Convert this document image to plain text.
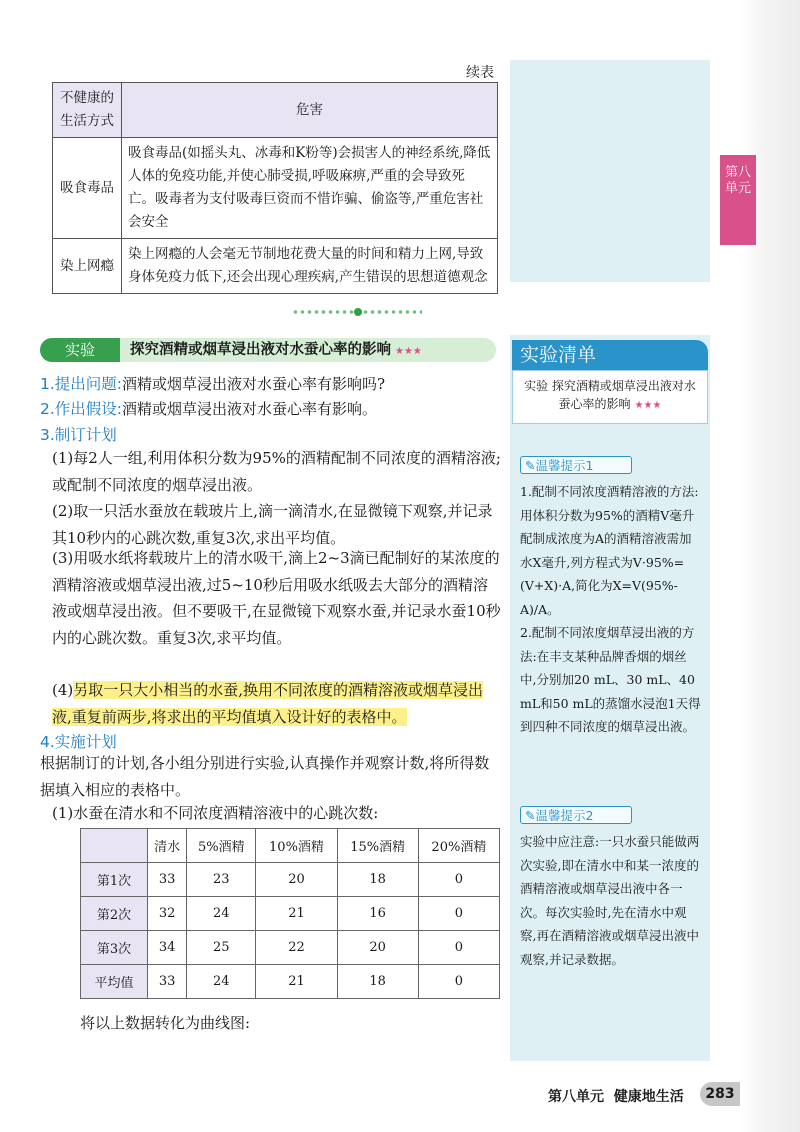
第八
单元
续表
不健康的生活方式	危害
吸食毒品	吸食毒品(如摇头丸、冰毒和K粉等)会损害人的神经系统,降低人体的免疫功能,并使心肺受损,呼吸麻痹,严重的会导致死亡。吸毒者为支付吸毒巨资而不惜诈骗、偷盗等,严重危害社会安全
染上网瘾	染上网瘾的人会毫无节制地花费大量的时间和精力上网,导致身体免疫力低下,还会出现心理疾病,产生错误的思想道德观念
实验	探究酒精或烟草浸出液对水蚕心率的影响 ★★★
1.提出问题:酒精或烟草浸出液对水蚕心率有影响吗?
2.作出假设:酒精或烟草浸出液对水蚕心率有影响。
3.制订计划
(1)每2人一组,利用体积分数为95%的酒精配制不同浓度的酒精溶液;或配制不同浓度的烟草浸出液。
(2)取一只活水蚕放在载玻片上,滴一滴清水,在显微镜下观察,并记录其10秒内的心跳次数,重复3次,求出平均值。
(3)用吸水纸将载玻片上的清水吸干,滴上2~3滴已配制好的某浓度的酒精溶液或烟草浸出液,过5~10秒后用吸水纸吸去大部分的酒精溶液或烟草浸出液。但不要吸干,在显微镜下观察水蚕,并记录水蚕10秒内的心跳次数。重复3次,求平均值。
(4)另取一只大小相当的水蚕,换用不同浓度的酒精溶液或烟草浸出液,重复前两步,将求出的平均值填入设计好的表格中。
4.实施计划
根据制订的计划,各小组分别进行实验,认真操作并观察计数,将所得数据填入相应的表格中。
(1)水蚕在清水和不同浓度酒精溶液中的心跳次数:
	清水	5%酒精	10%酒精	15%酒精	20%酒精
第1次	33	23	20	18	0
第2次	32	24	21	16	0
第3次	34	25	22	20	0
平均值	33	24	21	18	0
将以上数据转化为曲线图:
实验清单
实验 探究酒精或烟草浸出液对水蚕心率的影响 ★★★
✎温馨提示1

1.配制不同浓度酒精溶液的方法:用体积分数为95%的酒精V毫升配制成浓度为A的酒精溶液需加水X毫升,列方程式为V·95%=(V+X)·A,简化为X=V(95%-A)/A。

2.配制不同浓度烟草浸出液的方法:在丰支某种品牌香烟的烟丝中,分别加20 mL、30 mL、40 mL和50 mL的蒸馏水浸泡1天得到四种不同浓度的烟草浸出液。

✎温馨提示2
实验中应注意:一只水蚕只能做两次实验,即在清水中和某一浓度的酒精溶液或烟草浸出液中各一次。每次实验时,先在清水中观察,再在酒精溶液或烟草浸出液中观察,并记录数据。
第八单元 健康地生活	283
